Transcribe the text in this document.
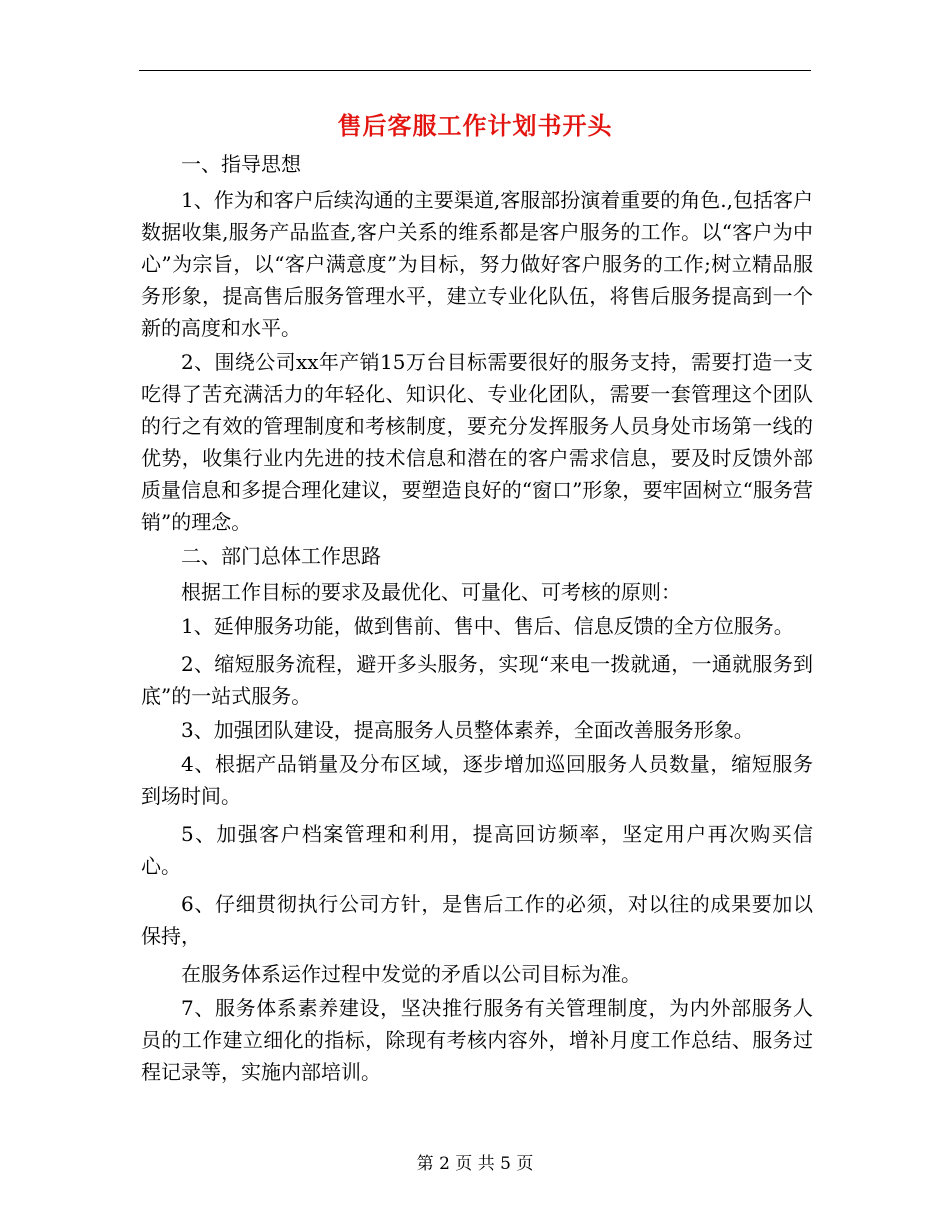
售后客服工作计划书开头

一、指导思想

1、作为和客户后续沟通的主要渠道,客服部扮演着重要的角色.,包括客户数据收集,服务产品监查,客户关系的维系都是客户服务的工作。以“客户为中心”为宗旨，以“客户满意度”为目标，努力做好客户服务的工作;树立精品服务形象，提高售后服务管理水平，建立专业化队伍，将售后服务提高到一个新的高度和水平。

2、围绕公司xx年产销15万台目标需要很好的服务支持，需要打造一支吃得了苦充满活力的年轻化、知识化、专业化团队，需要一套管理这个团队的行之有效的管理制度和考核制度，要充分发挥服务人员身处市场第一线的优势，收集行业内先进的技术信息和潜在的客户需求信息，要及时反馈外部质量信息和多提合理化建议，要塑造良好的“窗口”形象，要牢固树立“服务营销”的理念。

二、部门总体工作思路

根据工作目标的要求及最优化、可量化、可考核的原则：

1、延伸服务功能，做到售前、售中、售后、信息反馈的全方位服务。

2、缩短服务流程，避开多头服务，实现“来电一拨就通，一通就服务到底”的一站式服务。

3、加强团队建设，提高服务人员整体素养，全面改善服务形象。

4、根据产品销量及分布区域，逐步增加巡回服务人员数量，缩短服务到场时间。

5、加强客户档案管理和利用，提高回访频率，坚定用户再次购买信心。

6、仔细贯彻执行公司方针，是售后工作的必须，对以往的成果要加以保持，

在服务体系运作过程中发觉的矛盾以公司目标为准。

7、服务体系素养建设，坚决推行服务有关管理制度，为内外部服务人员的工作建立细化的指标，除现有考核内容外，增补月度工作总结、服务过程记录等，实施内部培训。

第 2 页 共 5 页
